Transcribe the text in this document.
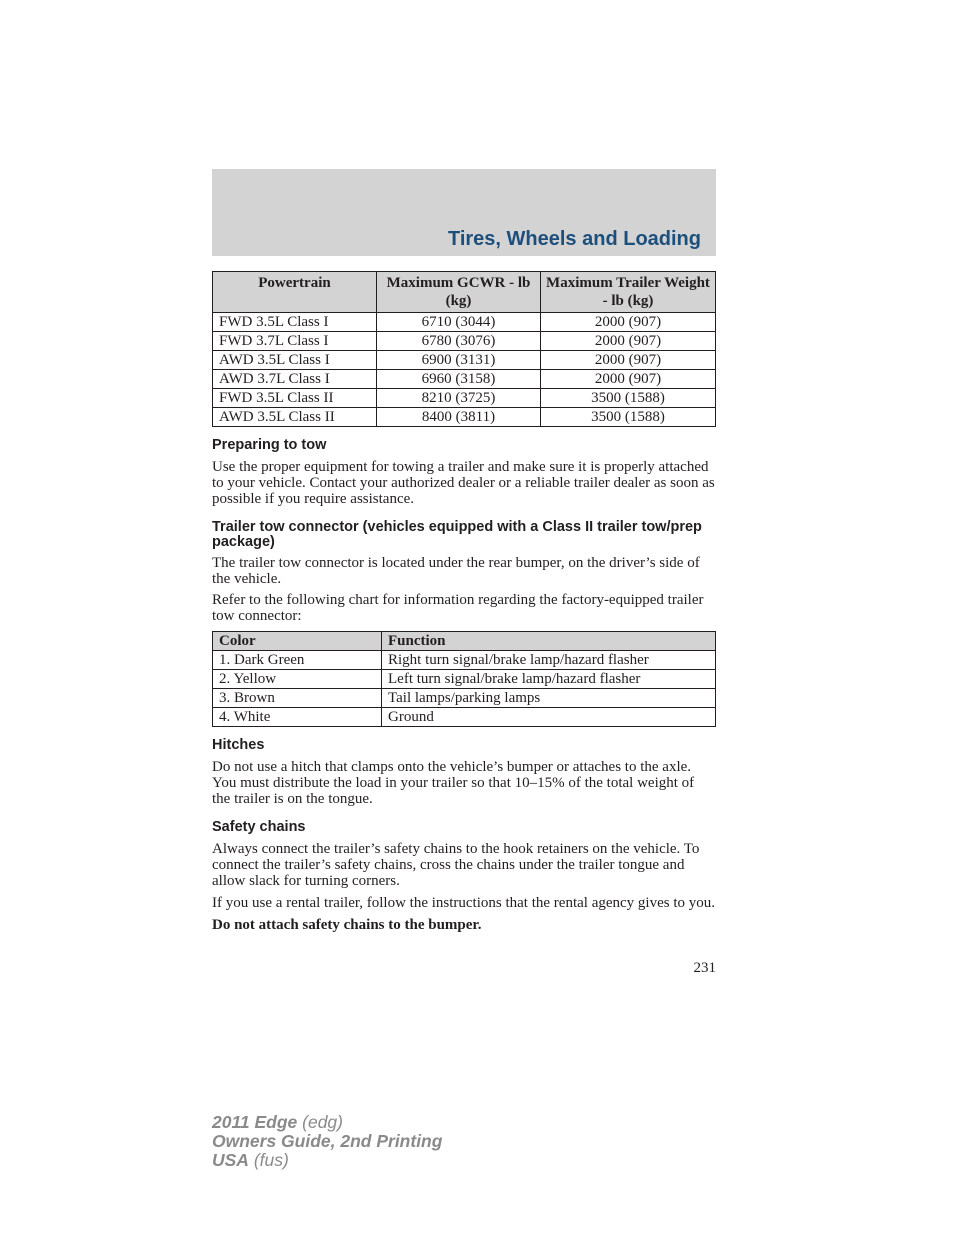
Tires, Wheels and Loading
Powertrain	Maximum GCWR - lb (kg)	Maximum Trailer Weight - lb (kg)
FWD 3.5L Class I	6710 (3044)	2000 (907)
FWD 3.7L Class I	6780 (3076)	2000 (907)
AWD 3.5L Class I	6900 (3131)	2000 (907)
AWD 3.7L Class I	6960 (3158)	2000 (907)
FWD 3.5L Class II	8210 (3725)	3500 (1588)
AWD 3.5L Class II	8400 (3811)	3500 (1588)
Preparing to tow

Use the proper equipment for towing a trailer and make sure it is properly attached to your vehicle. Contact your authorized dealer or a reliable trailer dealer as soon as possible if you require assistance.

Trailer tow connector (vehicles equipped with a Class II trailer tow/prep package)

The trailer tow connector is located under the rear bumper, on the driver’s side of the vehicle.

Refer to the following chart for information regarding the factory-equipped trailer tow connector:

Color	Function
1. Dark Green	Right turn signal/brake lamp/hazard flasher
2. Yellow	Left turn signal/brake lamp/hazard flasher
3. Brown	Tail lamps/parking lamps
4. White	Ground
Hitches

Do not use a hitch that clamps onto the vehicle’s bumper or attaches to the axle. You must distribute the load in your trailer so that 10–15% of the total weight of the trailer is on the tongue.

Safety chains

Always connect the trailer’s safety chains to the hook retainers on the vehicle. To connect the trailer’s safety chains, cross the chains under the trailer tongue and allow slack for turning corners.

If you use a rental trailer, follow the instructions that the rental agency gives to you.

Do not attach safety chains to the bumper.

231
2011 Edge (edg)
Owners Guide, 2nd Printing
USA (fus)
